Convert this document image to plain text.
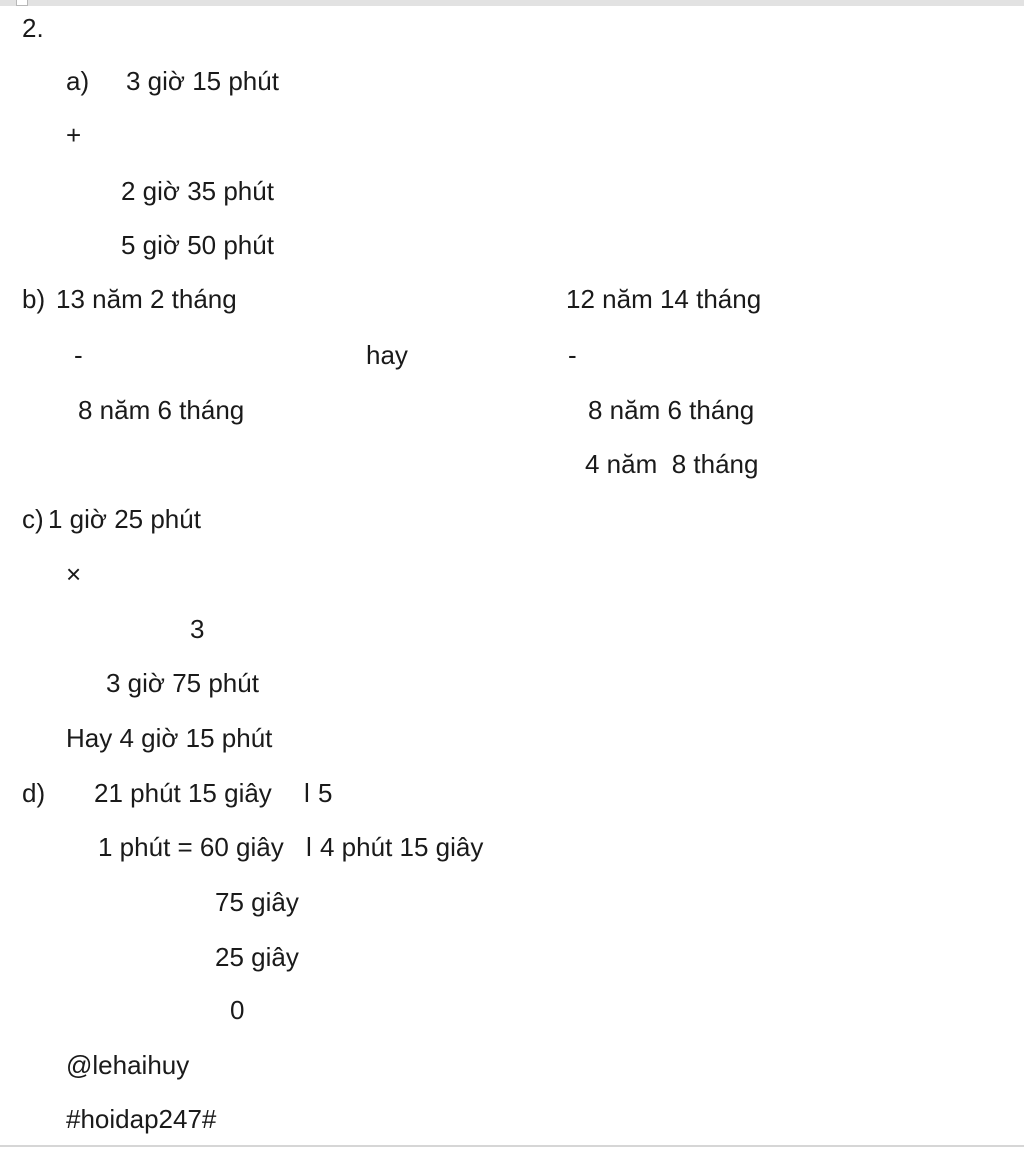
2.
a) 3 giờ 15 phút
+
2 giờ 35 phút
5 giờ 50 phút
b) 13 năm 2 tháng	12 năm 14 tháng
-	hay	-
8 năm 6 tháng	8 năm 6 tháng
4 năm  8 tháng
c) 1 giờ 25 phút
×
3
3 giờ 75 phút
Hay 4 giờ 15 phút
d) 21 phút 15 giây l 5
1 phút = 60 giây l 4 phút 15 giây
75 giây
25 giây
0
@lehaihuy
#hoidap247#
